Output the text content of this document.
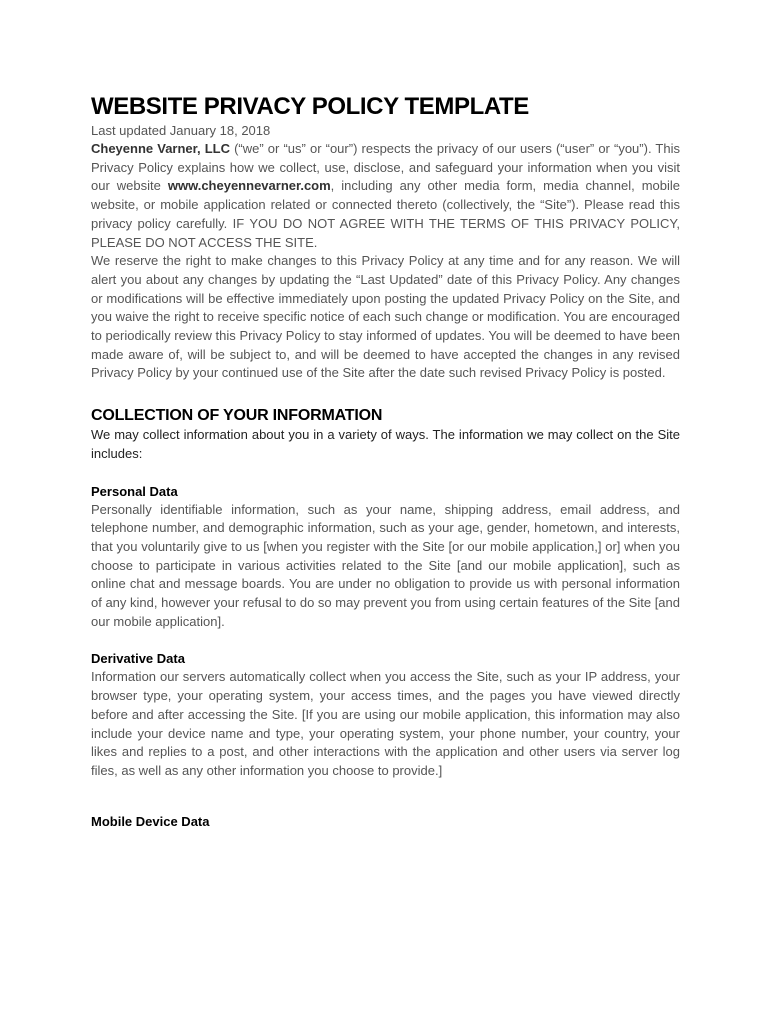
WEBSITE PRIVACY POLICY TEMPLATE
Last updated January 18, 2018

Cheyenne Varner, LLC (“we” or “us” or “our”) respects the privacy of our users (“user” or “you”). This Privacy Policy explains how we collect, use, disclose, and safeguard your information when you visit our website www.cheyennevarner.com, including any other media form, media channel, mobile website, or mobile application related or connected thereto (collectively, the “Site”). Please read this privacy policy carefully. IF YOU DO NOT AGREE WITH THE TERMS OF THIS PRIVACY POLICY, PLEASE DO NOT ACCESS THE SITE.

We reserve the right to make changes to this Privacy Policy at any time and for any reason. We will alert you about any changes by updating the “Last Updated” date of this Privacy Policy. Any changes or modifications will be effective immediately upon posting the updated Privacy Policy on the Site, and you waive the right to receive specific notice of each such change or modification. You are encouraged to periodically review this Privacy Policy to stay informed of updates. You will be deemed to have been made aware of, will be subject to, and will be deemed to have accepted the changes in any revised Privacy Policy by your continued use of the Site after the date such revised Privacy Policy is posted.

COLLECTION OF YOUR INFORMATION

We may collect information about you in a variety of ways. The information we may collect on the Site includes:

Personal Data

Personally identifiable information, such as your name, shipping address, email address, and telephone number, and demographic information, such as your age, gender, hometown, and interests, that you voluntarily give to us [when you register with the Site [or our mobile application,] or] when you choose to participate in various activities related to the Site [and our mobile application], such as online chat and message boards. You are under no obligation to provide us with personal information of any kind, however your refusal to do so may prevent you from using certain features of the Site [and our mobile application].

Derivative Data

Information our servers automatically collect when you access the Site, such as your IP address, your browser type, your operating system, your access times, and the pages you have viewed directly before and after accessing the Site. [If you are using our mobile application, this information may also include your device name and type, your operating system, your phone number, your country, your likes and replies to a post, and other interactions with the application and other users via server log files, as well as any other information you choose to provide.]

Mobile Device Data
